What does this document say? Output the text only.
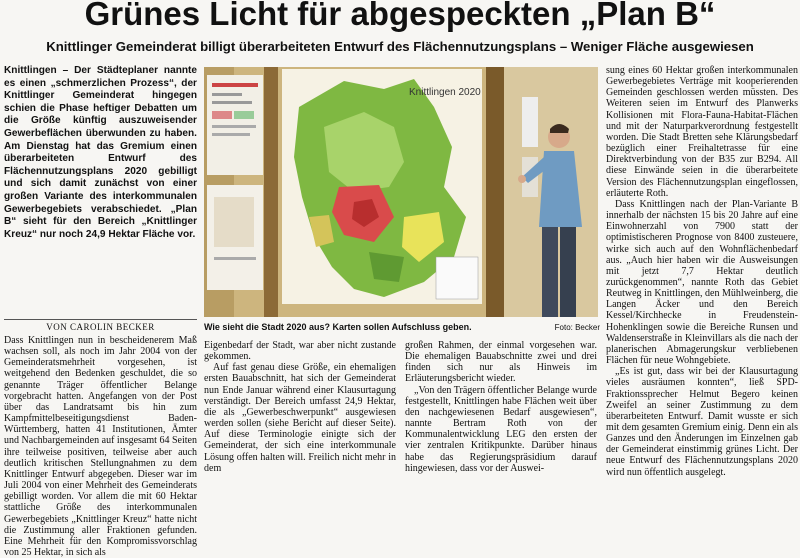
Grünes Licht für abgespeckten „Plan B“
Knittlinger Gemeinderat billigt überarbeiteten Entwurf des Flächennutzungsplans – Weniger Fläche ausgewiesen
Knittlingen – Der Städteplaner nannte es einen „schmerzlichen Prozess“, der Knittlinger Gemeinderat hingegen schien die Phase heftiger Debatten um die Größe künftig auszuweisender Gewerbeflächen überwunden zu haben. Am Dienstag hat das Gremium einen überarbeiteten Entwurf des Flächennutzungsplans 2020 gebilligt und sich damit zunächst von einer großen Variante des interkommunalen Gewerbegebiets verabschiedet. „Plan B“ sieht für den Bereich „Knittlinger Kreuz“ nur noch 24,9 Hektar Fläche vor.
VON CAROLIN BECKER
Knittlingen 2020
Wie sieht die Stadt 2020 aus? Karten sollen Aufschluss geben.	Foto: Becker

Dass Knittlingen nun in bescheidenerem Maß wachsen soll, als noch im Jahr 2004 von der Gemeinderatsmehrheit vorgesehen, ist weitgehend den Bedenken geschuldet, die so genannte Träger öffentlicher Belange vorgebracht hatten. Angefangen von der Post über das Landratsamt bis hin zum Kampfmittelbeseitigungsdienst Baden-Württemberg, hatten 41 Institutionen, Ämter und Nachbargemeinden auf insgesamt 64 Seiten ihre teilweise positiven, teilweise aber auch deutlich kritischen Stellungnahmen zu dem Knittlinger Entwurf abgegeben. Dieser war im Juli 2004 von einer Mehrheit des Gemeinderats gebilligt worden. Vor allem die mit 60 Hektar stattliche Größe des interkommunalen Gewerbegebiets „Knittlinger Kreuz“ hatte nicht die Zustimmung aller Fraktionen gefunden. Eine Mehrheit für den Kompromissvorschlag von 25 Hektar, in sich als

Eigenbedarf der Stadt, war aber nicht zustande gekommen.

Auf fast genau diese Größe, ein ehemaligen ersten Bauabschnitt, hat sich der Gemeinderat nun Ende Januar während einer Klausurtagung verständigt. Der Bereich umfasst 24,9 Hektar, die als „Gewerbeschwerpunkt“ ausgewiesen werden sollen (siehe Bericht auf dieser Seite). Auf diese Terminologie einigte sich der Gemeinderat, der sich eine interkommunale Lösung offen halten will. Freilich nicht mehr in dem

großen Rahmen, der einmal vorgesehen war. Die ehemaligen Bauabschnitte zwei und drei finden sich nur als Hinweis im Erläuterungsbericht wieder.

„Von den Trägern öffentlicher Belange wurde festgestellt, Knittlingen habe Flächen weit über den nachgewiesenen Bedarf ausgewiesen“, nannte Bertram Roth von der Kommunalentwicklung LEG den ersten der vier zentralen Kritikpunkte. Darüber hinaus habe das Regierungspräsidium darauf hingewiesen, dass vor der Auswei-

sung eines 60 Hektar großen interkommunalen Gewerbegebietes Verträge mit kooperierenden Gemeinden geschlossen werden müssten. Des Weiteren seien im Entwurf des Planwerks Kollisionen mit Flora-Fauna-Habitat-Flächen und mit der Naturparkverordnung festgestellt worden. Die Stadt Bretten sehe Klärungsbedarf bezüglich einer Freihaltetrasse für eine Direktverbindung von der B35 zur B294. All diese Einwände seien in die überarbeitete Version des Flächennutzungsplan eingeflossen, erläuterte Roth.

Dass Knittlingen nach der Plan-Variante B innerhalb der nächsten 15 bis 20 Jahre auf eine Einwohnerzahl von 7900 statt der optimistischeren Prognose von 8400 zusteuere, wirke sich auch auf den Wohnflächenbedarf aus. „Auch hier haben wir die Ausweisungen mit jetzt 7,7 Hektar deutlich zurückgenommen“, nannte Roth das Gebiet Reutweg in Knittlingen, den Mühlweinberg, die Langen Äcker und den Bereich Kessel/Kirchhecke in Freudenstein-Hohenklingen sowie die Bereiche Runsen und Waldenserstraße in Kleinvillars als die nach der planerischen Abmagerungskur verbliebenen Flächen für neue Wohngebiete.

„Es ist gut, dass wir bei der Klausurtagung vieles ausräumen konnten“, ließ SPD-Fraktionssprecher Helmut Begero keinen Zweifel an seiner Zustimmung zu dem überarbeiteten Entwurf. Damit wusste er sich mit dem gesamten Gremium einig. Denn ein als Ganzes und den Änderungen im Einzelnen gab der Gemeinderat einstimmig grünes Licht. Der neue Entwurf des Flächennutzungsplans 2020 wird nun öffentlich ausgelegt.
